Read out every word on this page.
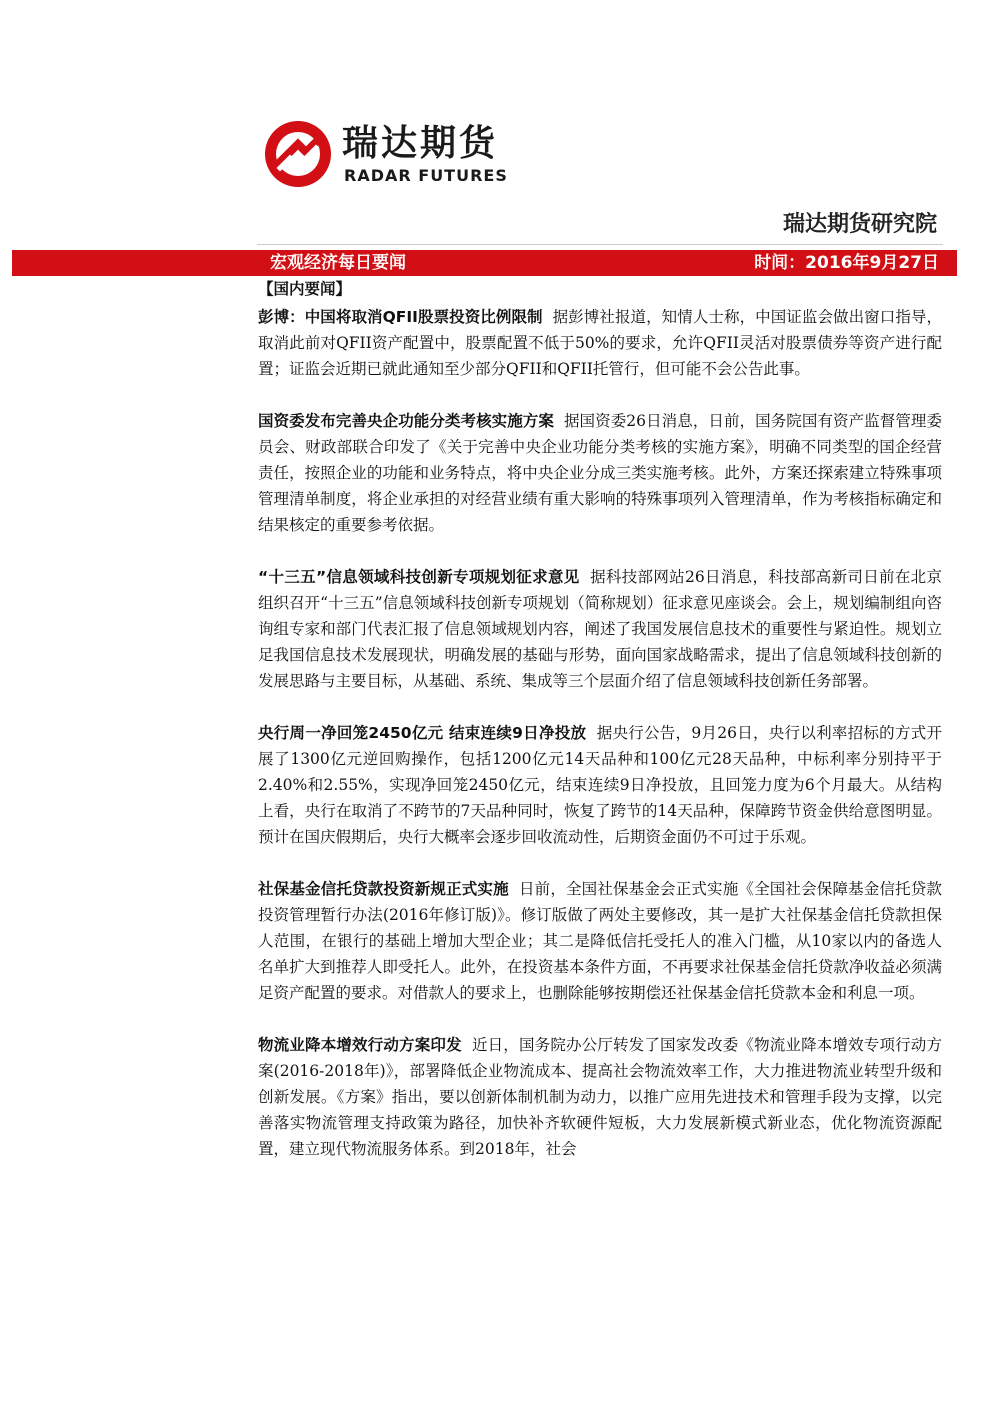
瑞达期货
RADAR FUTURES
瑞达期货研究院
宏观经济每日要闻	时间：2016年9月27日
【国内要闻】
彭博：中国将取消QFII股票投资比例限制 据彭博社报道，知情人士称，中国证监会做出窗口指导，取消此前对QFII资产配置中，股票配置不低于50%的要求，允许QFII灵活对股票债券等资产进行配置；证监会近期已就此通知至少部分QFII和QFII托管行，但可能不会公告此事。
国资委发布完善央企功能分类考核实施方案 据国资委26日消息，日前，国务院国有资产监督管理委员会、财政部联合印发了《关于完善中央企业功能分类考核的实施方案》，明确不同类型的国企经营责任，按照企业的功能和业务特点，将中央企业分成三类实施考核。此外，方案还探索建立特殊事项管理清单制度，将企业承担的对经营业绩有重大影响的特殊事项列入管理清单，作为考核指标确定和结果核定的重要参考依据。
“十三五”信息领域科技创新专项规划征求意见 据科技部网站26日消息，科技部高新司日前在北京组织召开“十三五”信息领域科技创新专项规划（简称规划）征求意见座谈会。会上，规划编制组向咨询组专家和部门代表汇报了信息领域规划内容，阐述了我国发展信息技术的重要性与紧迫性。规划立足我国信息技术发展现状，明确发展的基础与形势，面向国家战略需求，提出了信息领域科技创新的发展思路与主要目标，从基础、系统、集成等三个层面介绍了信息领域科技创新任务部署。
央行周一净回笼2450亿元 结束连续9日净投放 据央行公告，9月26日，央行以利率招标的方式开展了1300亿元逆回购操作，包括1200亿元14天品种和100亿元28天品种，中标利率分别持平于2.40%和2.55%，实现净回笼2450亿元，结束连续9日净投放，且回笼力度为6个月最大。从结构上看，央行在取消了不跨节的7天品种同时，恢复了跨节的14天品种，保障跨节资金供给意图明显。预计在国庆假期后，央行大概率会逐步回收流动性，后期资金面仍不可过于乐观。
社保基金信托贷款投资新规正式实施 日前，全国社保基金会正式实施《全国社会保障基金信托贷款投资管理暂行办法(2016年修订版)》。修订版做了两处主要修改，其一是扩大社保基金信托贷款担保人范围，在银行的基础上增加大型企业；其二是降低信托受托人的准入门槛，从10家以内的备选人名单扩大到推荐人即受托人。此外，在投资基本条件方面，不再要求社保基金信托贷款净收益必须满足资产配置的要求。对借款人的要求上，也删除能够按期偿还社保基金信托贷款本金和利息一项。
物流业降本增效行动方案印发 近日，国务院办公厅转发了国家发改委《物流业降本增效专项行动方案(2016-2018年)》，部署降低企业物流成本、提高社会物流效率工作，大力推进物流业转型升级和创新发展。《方案》指出，要以创新体制机制为动力，以推广应用先进技术和管理手段为支撑，以完善落实物流管理支持政策为路径，加快补齐软硬件短板，大力发展新模式新业态，优化物流资源配置，建立现代物流服务体系。到2018年，社会
